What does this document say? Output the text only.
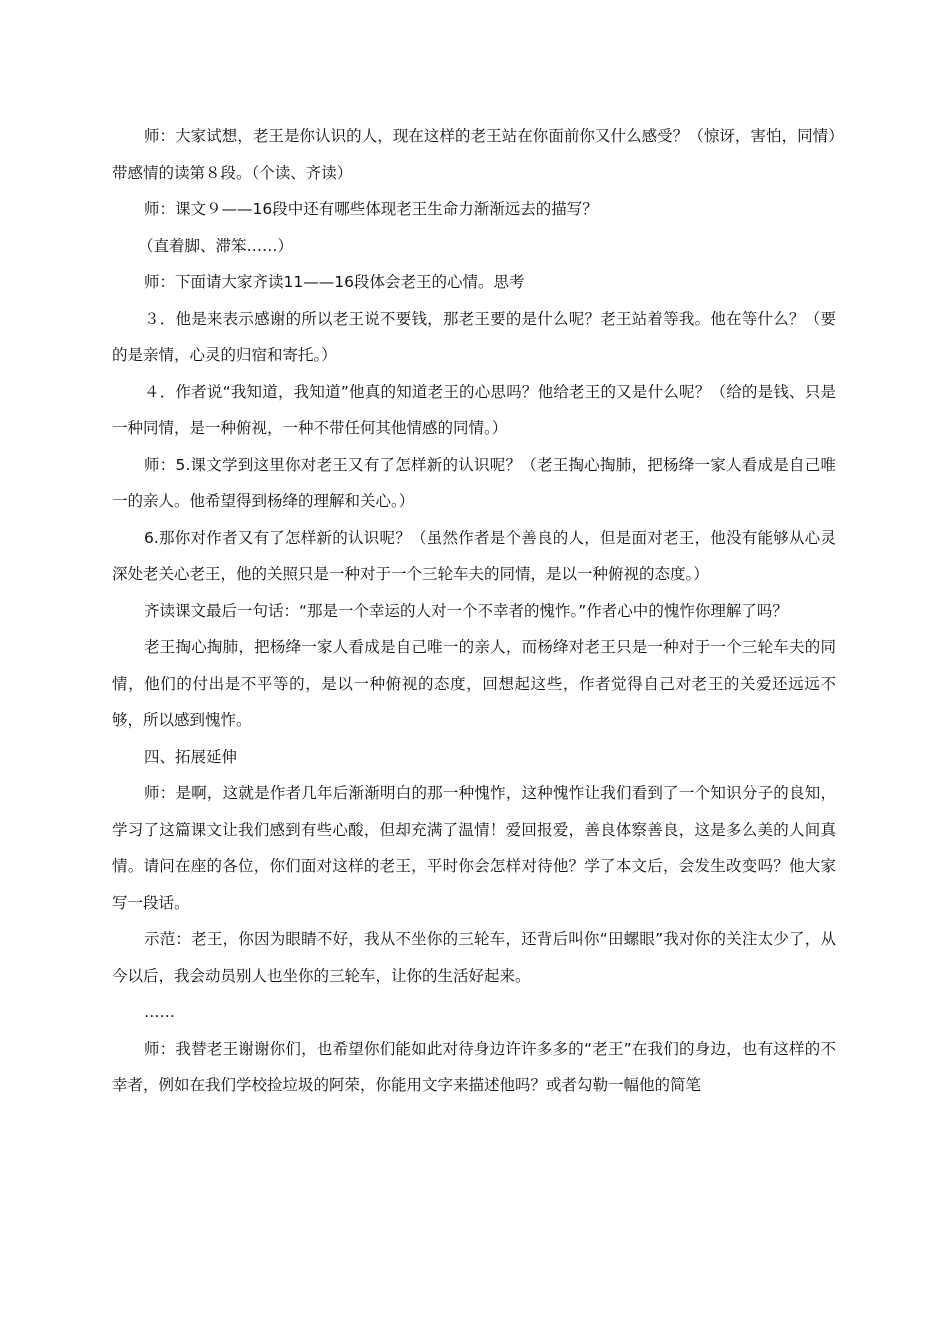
师：大家试想，老王是你认识的人，现在这样的老王站在你面前你又什么感受？（惊讶，害怕，同情）带感情的读第８段。（个读、齐读）

师：课文９——16段中还有哪些体现老王生命力渐渐远去的描写？

（直着脚、滞笨……）

师：下面请大家齐读11——16段体会老王的心情。思考

３．他是来表示感谢的所以老王说不要钱，那老王要的是什么呢？老王站着等我。他在等什么？（要的是亲情，心灵的归宿和寄托。）

４．作者说“我知道，我知道”他真的知道老王的心思吗？他给老王的又是什么呢？（给的是钱、只是一种同情，是一种俯视，一种不带任何其他情感的同情。）

师：5.课文学到这里你对老王又有了怎样新的认识呢？（老王掏心掏肺，把杨绛一家人看成是自己唯一的亲人。他希望得到杨绛的理解和关心。）

6.那你对作者又有了怎样新的认识呢？（虽然作者是个善良的人，但是面对老王，他没有能够从心灵深处老关心老王，他的关照只是一种对于一个三轮车夫的同情，是以一种俯视的态度。）

齐读课文最后一句话：“那是一个幸运的人对一个不幸者的愧怍。”作者心中的愧怍你理解了吗？

老王掏心掏肺，把杨绛一家人看成是自己唯一的亲人，而杨绛对老王只是一种对于一个三轮车夫的同情，他们的付出是不平等的，是以一种俯视的态度，回想起这些，作者觉得自己对老王的关爱还远远不够，所以感到愧怍。

四、拓展延伸

师：是啊，这就是作者几年后渐渐明白的那一种愧怍，这种愧怍让我们看到了一个知识分子的良知，学习了这篇课文让我们感到有些心酸，但却充满了温情！爱回报爱，善良体察善良，这是多么美的人间真情。请问在座的各位，你们面对这样的老王，平时你会怎样对待他？学了本文后，会发生改变吗？他大家写一段话。

示范：老王，你因为眼睛不好，我从不坐你的三轮车，还背后叫你“田螺眼”我对你的关注太少了，从今以后，我会动员别人也坐你的三轮车，让你的生活好起来。

……

师：我替老王谢谢你们，也希望你们能如此对待身边许许多多的“老王”在我们的身边，也有这样的不幸者，例如在我们学校捡垃圾的阿荣，你能用文字来描述他吗？或者勾勒一幅他的简笔
